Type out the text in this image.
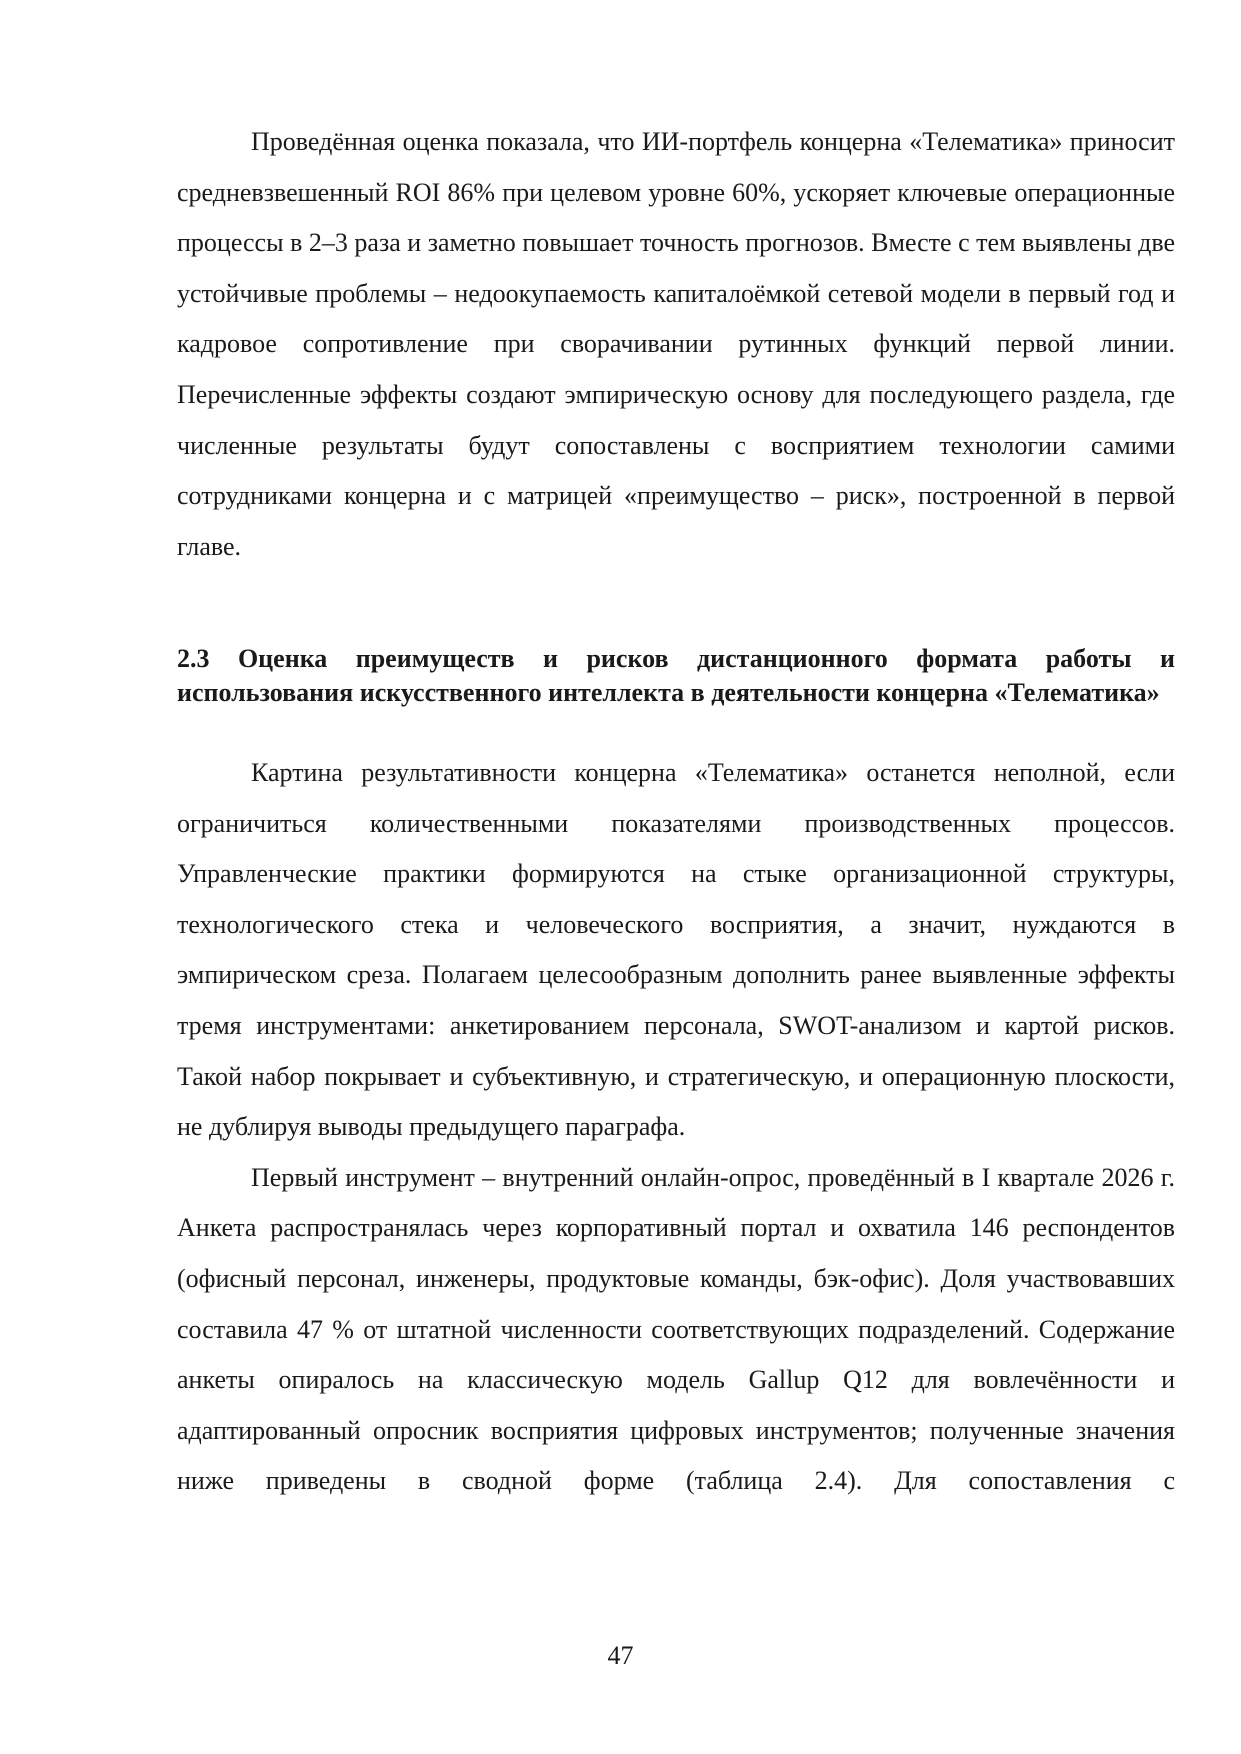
Проведённая оценка показала, что ИИ-портфель концерна «Телематика» приносит средневзвешенный ROI 86% при целевом уровне 60%, ускоряет ключевые операционные процессы в 2–3 раза и заметно повышает точность прогнозов. Вместе с тем выявлены две устойчивые проблемы – недоокупаемость капиталоёмкой сетевой модели в первый год и кадровое сопротивление при сворачивании рутинных функций первой линии. Перечисленные эффекты создают эмпирическую основу для последующего раздела, где численные результаты будут сопоставлены с восприятием технологии самими сотрудниками концерна и с матрицей «преимущество – риск», построенной в первой главе.

2.3 Оценка преимуществ и рисков дистанционного формата работы и использования искусственного интеллекта в деятельности концерна «Телематика»

Картина результативности концерна «Телематика» останется неполной, если ограничиться количественными показателями производственных процессов. Управленческие практики формируются на стыке организационной структуры, технологического стека и человеческого восприятия, а значит, нуждаются в эмпирическом среза. Полагаем целесообразным дополнить ранее выявленные эффекты тремя инструментами: анкетированием персонала, SWOT-анализом и картой рисков. Такой набор покрывает и субъективную, и стратегическую, и операционную плоскости, не дублируя выводы предыдущего параграфа.

Первый инструмент – внутренний онлайн-опрос, проведённый в I квартале 2026 г. Анкета распространялась через корпоративный портал и охватила 146 респондентов (офисный персонал, инженеры, продуктовые команды, бэк-офис). Доля участвовавших составила 47 % от штатной численности соответствующих подразделений. Содержание анкеты опиралось на классическую модель Gallup Q12 для вовлечённости и адаптированный опросник восприятия цифровых инструментов; полученные значения ниже приведены в сводной форме (таблица 2.4). Для сопоставления с

47
